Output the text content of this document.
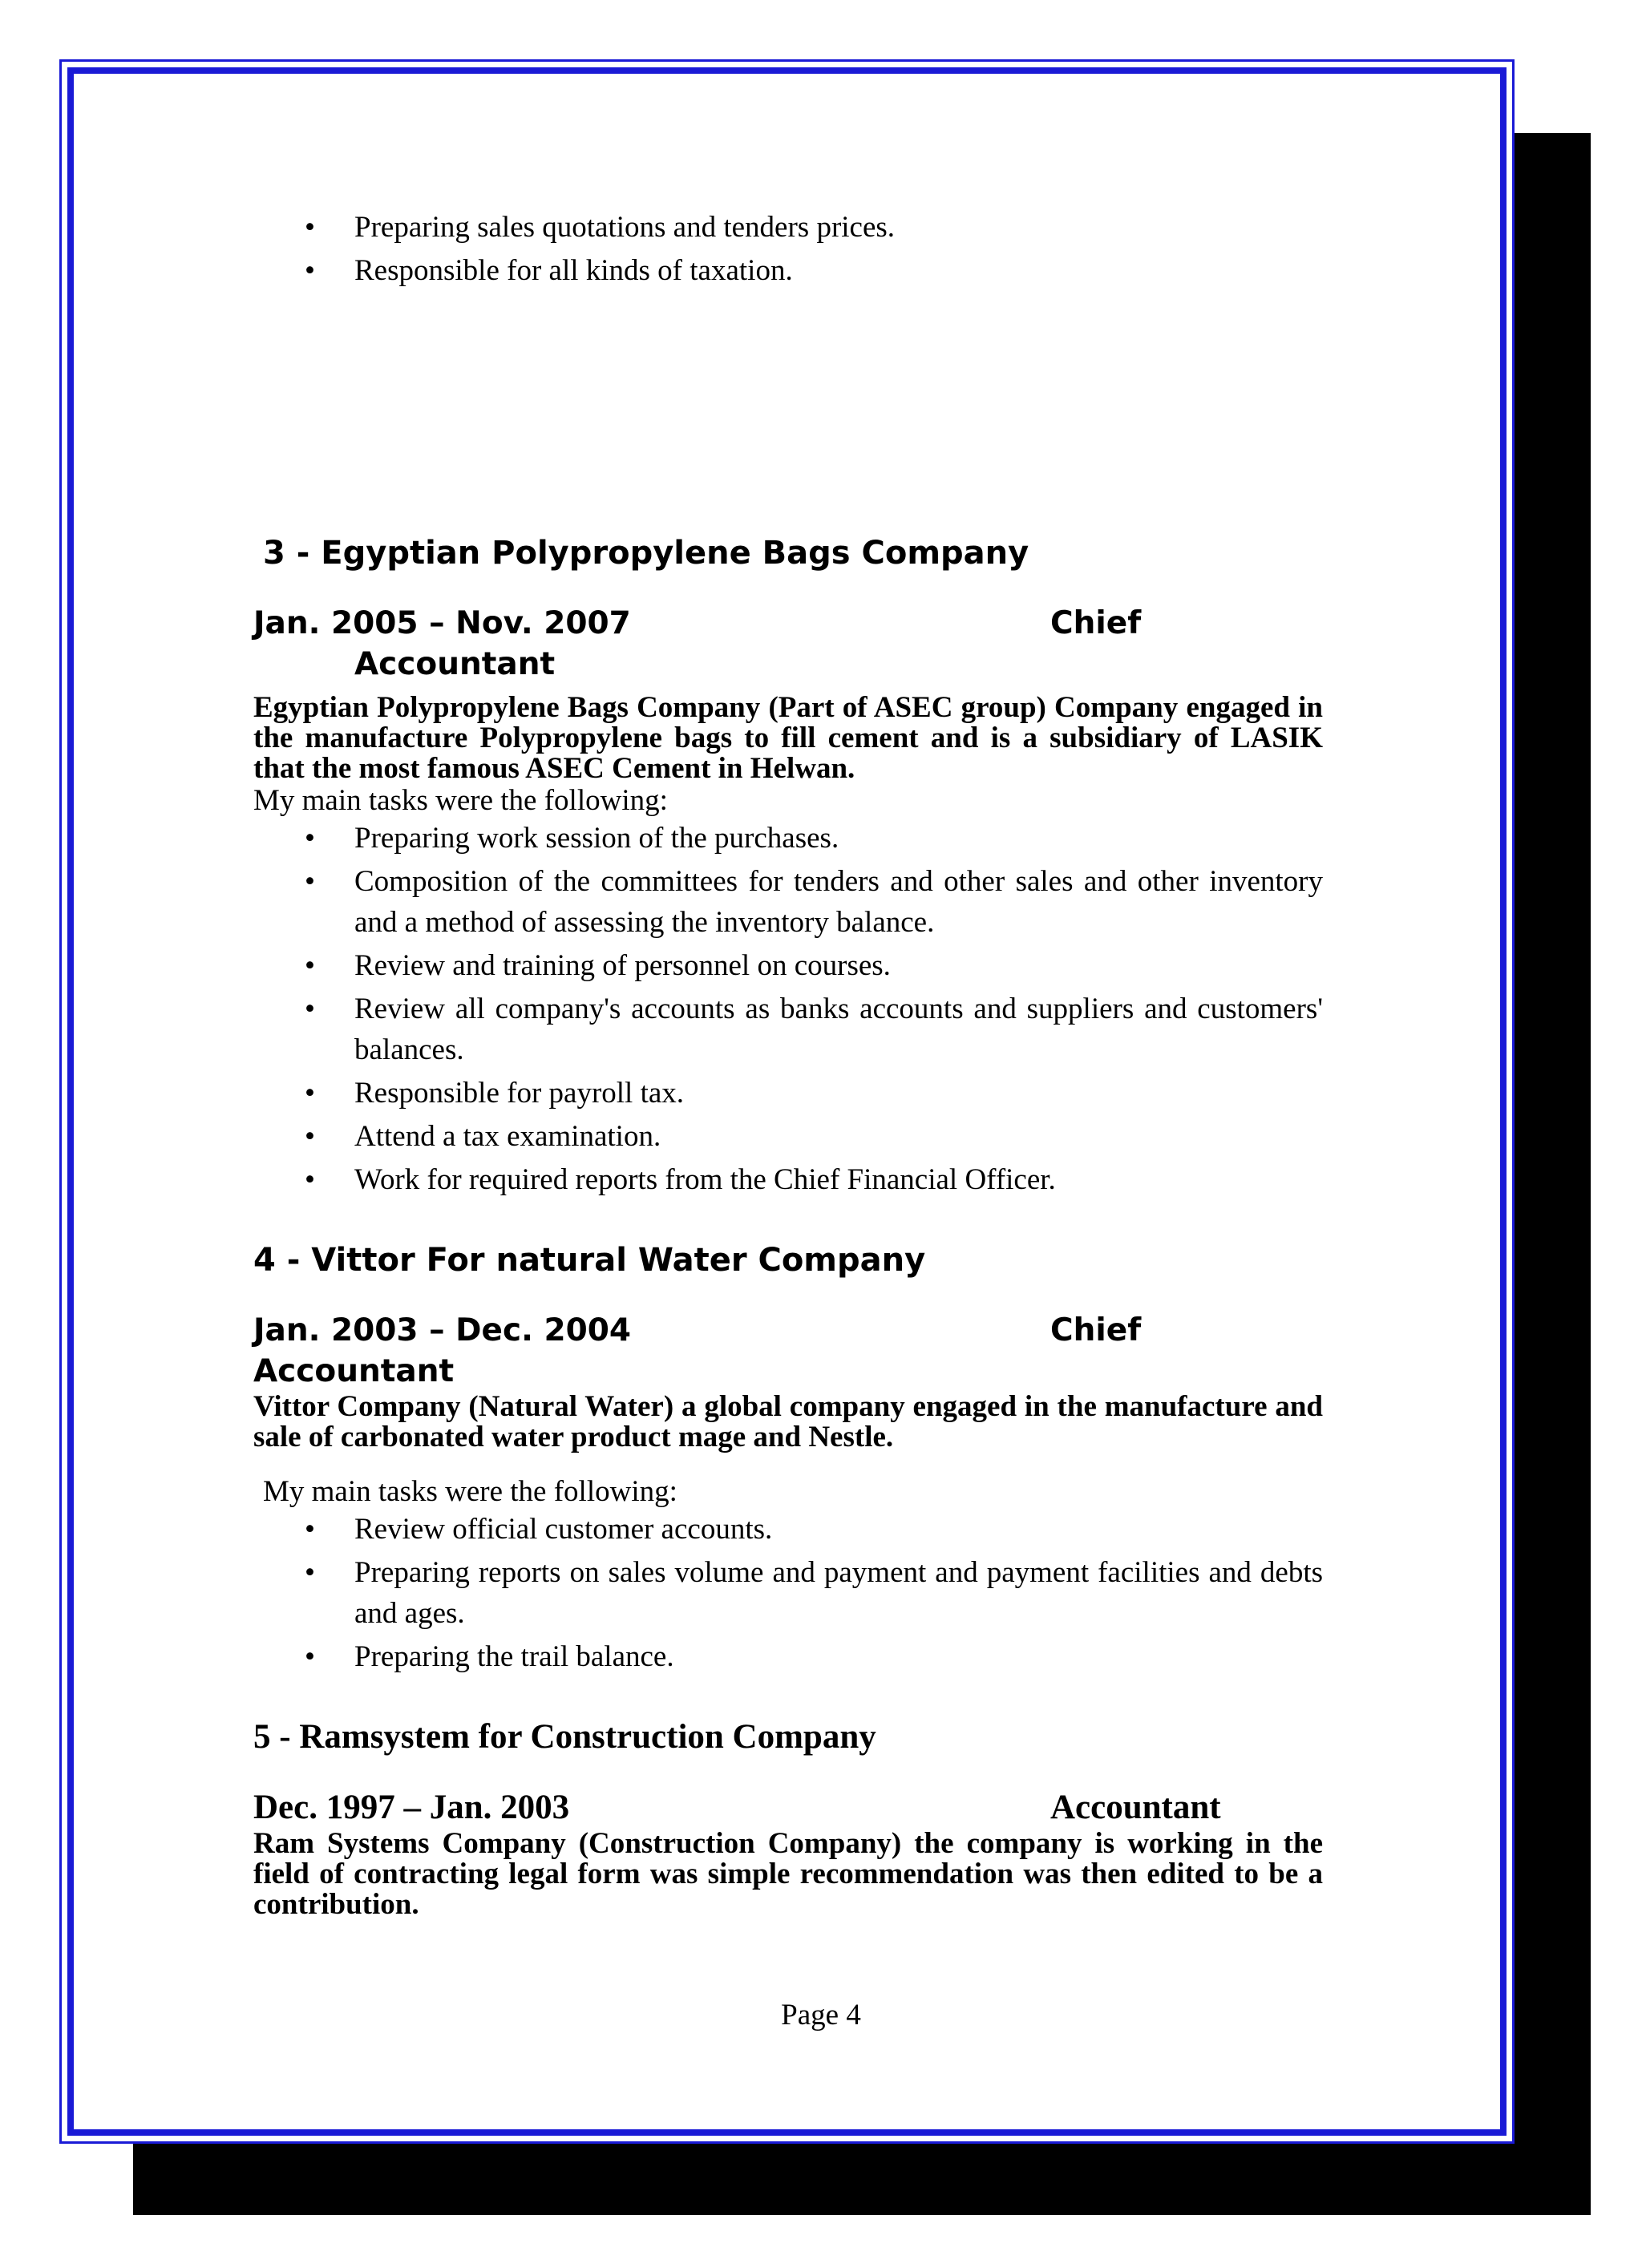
• Preparing sales quotations and tenders prices.
• Responsible for all kinds of taxation.
3 - Egyptian Polypropylene Bags Company
Jan. 2005 – Nov. 2007	Chief
Accountant

Egyptian Polypropylene Bags Company (Part of ASEC group) Company engaged in the manufacture Polypropylene bags to fill cement and is a subsidiary of LASIK that the most famous ASEC Cement in Helwan.

My main tasks were the following:

• Preparing work session of the purchases.
• Composition of the committees for tenders and other sales and other inventory and a method of assessing the inventory balance.
• Review and training of personnel on courses.
• Review all company's accounts as banks accounts and suppliers and customers' balances.
• Responsible for payroll tax.
• Attend a tax examination.
• Work for required reports from the Chief Financial Officer.
4 - Vittor For natural Water Company
Jan. 2003 – Dec. 2004	Chief
Accountant

Vittor Company (Natural Water) a global company engaged in the manufacture and sale of carbonated water product mage and Nestle.

My main tasks were the following:

• Review official customer accounts.
• Preparing reports on sales volume and payment and payment facilities and debts and ages.
• Preparing the trail balance.
5 - Ramsystem for Construction Company
Dec. 1997 – Jan. 2003	Accountant

Ram Systems Company (Construction Company) the company is working in the field of contracting legal form was simple recommendation was then edited to be a contribution.

Page 4
